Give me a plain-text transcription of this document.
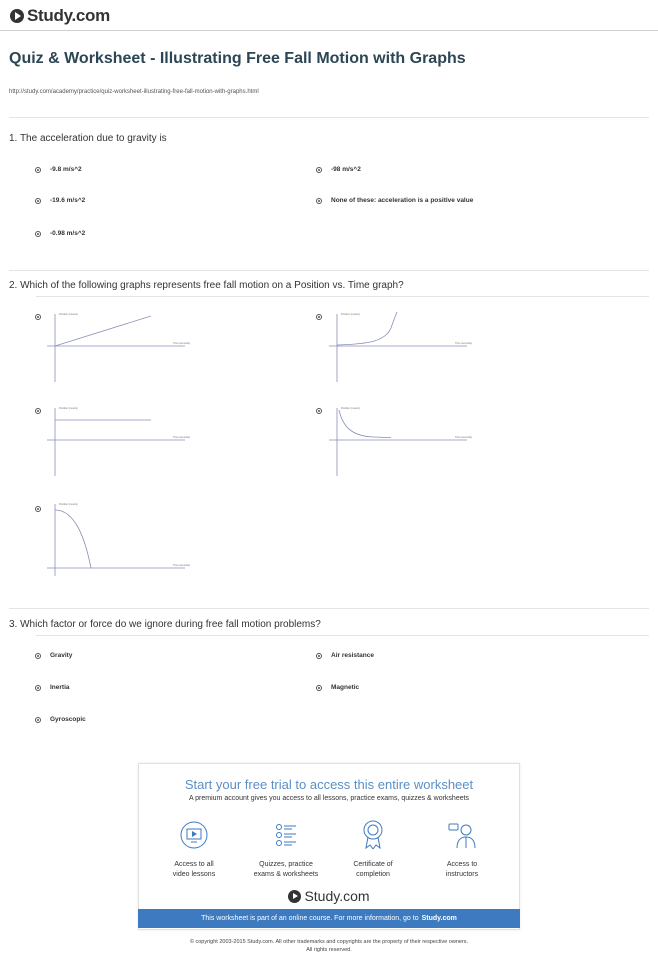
Study.com
Quiz & Worksheet - Illustrating Free Fall Motion with Graphs
http://study.com/academy/practice/quiz-worksheet-illustrating-free-fall-motion-with-graphs.html
1. The acceleration due to gravity is
-9.8 m/s^2	-98 m/s^2
-19.6 m/s^2	None of these: acceleration is a positive value
-0.98 m/s^2
2. Which of the following graphs represents free fall motion on a Position vs. Time graph?
Position (meters)
Time (seconds)
Position (meters)
Time (seconds)
Position (meters)
Time (seconds)
Position (meters)
Time (seconds)
Position (meters)
Time (seconds)
3. Which factor or force do we ignore during free fall motion problems?
Gravity	Air resistance
Inertia	Magnetic
Gyroscopic
Start your free trial to access this entire worksheet
A premium account gives you access to all lessons, practice exams, quizzes & worksheets
Access to all
video lessons
Quizzes, practice
exams & worksheets
Certificate of
completion
Access to
instructors
Study.com
This worksheet is part of an online course. For more information, go to Study.com
© copyright 2003-2015 Study.com. All other trademarks and copyrights are the property of their respective owners.
All rights reserved.
